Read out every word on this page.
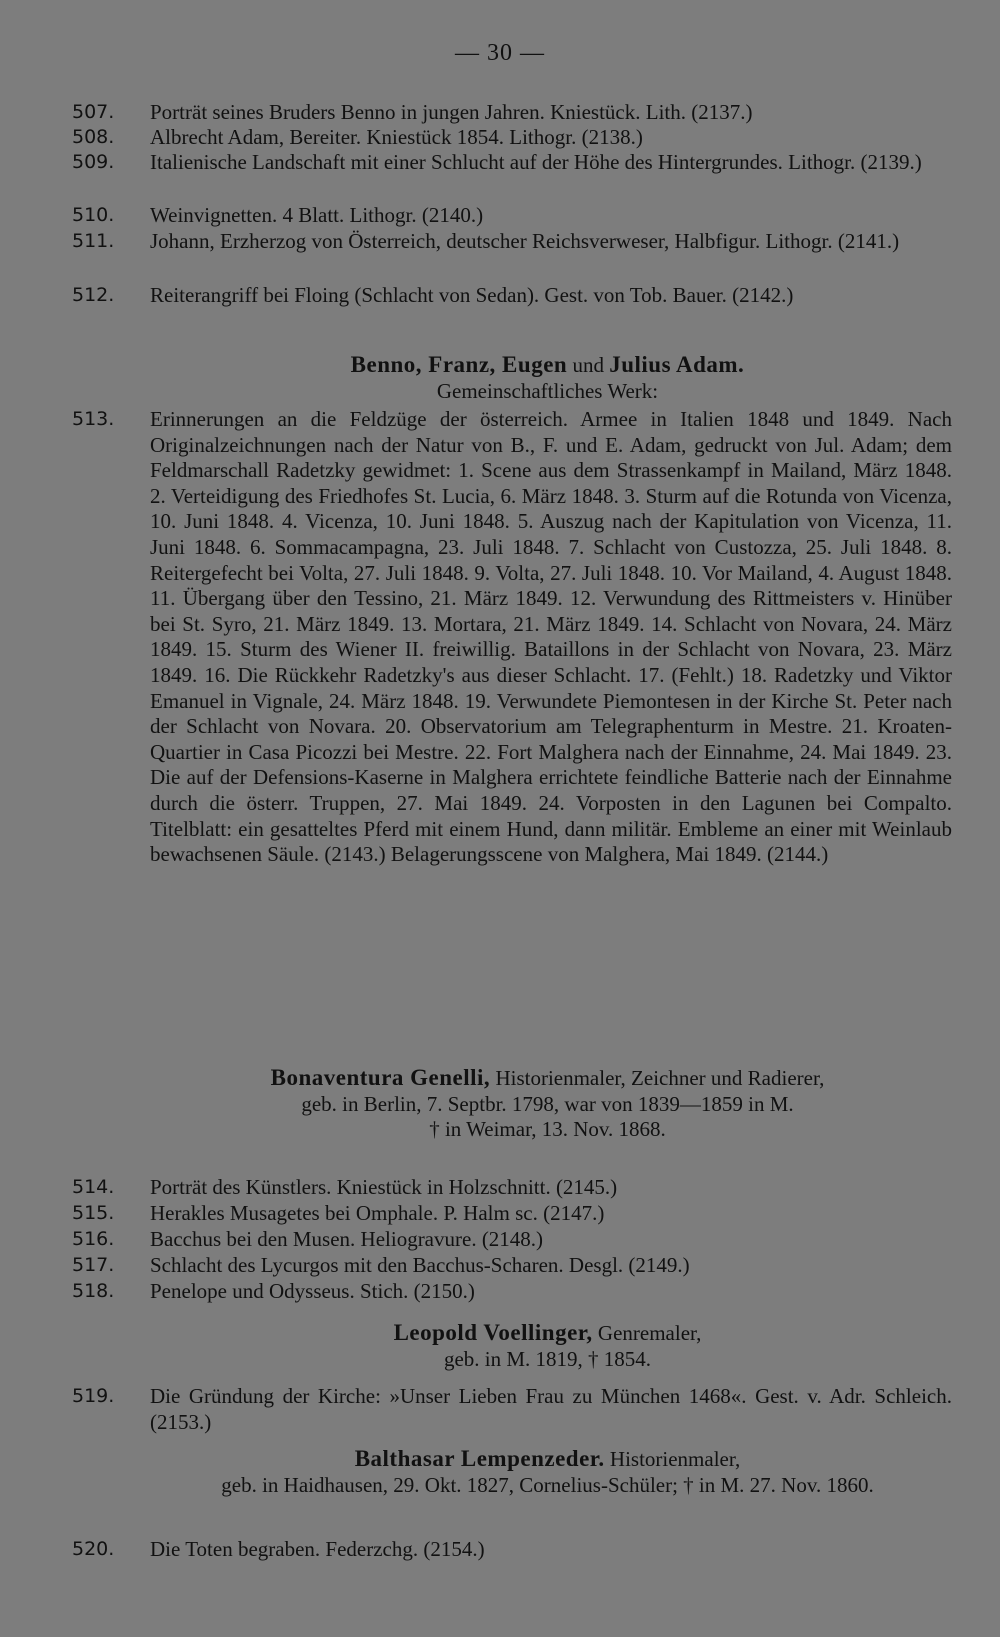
— 30 —
507.	Porträt seines Bruders Benno in jungen Jahren. Kniestück. Lith. (2137.)
508.	Albrecht Adam, Bereiter. Kniestück 1854. Lithogr. (2138.)
509.	Italienische Landschaft mit einer Schlucht auf der Höhe des Hintergrundes. Lithogr. (2139.)
510.	Weinvignetten. 4 Blatt. Lithogr. (2140.)
511.	Johann, Erzherzog von Österreich, deutscher Reichsverweser, Halbfigur. Lithogr. (2141.)
512.	Reiterangriff bei Floing (Schlacht von Sedan). Gest. von Tob. Bauer. (2142.)
Benno, Franz, Eugen und Julius Adam.
Gemeinschaftliches Werk:
513.	Erinnerungen an die Feldzüge der österreich. Armee in Italien 1848 und 1849. Nach Originalzeichnungen nach der Natur von B., F. und E. Adam, gedruckt von Jul. Adam; dem Feldmarschall Radetzky gewidmet: 1. Scene aus dem Strassenkampf in Mailand, März 1848. 2. Verteidigung des Friedhofes St. Lucia, 6. März 1848. 3. Sturm auf die Rotunda von Vicenza, 10. Juni 1848. 4. Vicenza, 10. Juni 1848. 5. Auszug nach der Kapitulation von Vicenza, 11. Juni 1848. 6. Sommacampagna, 23. Juli 1848. 7. Schlacht von Custozza, 25. Juli 1848. 8. Reitergefecht bei Volta, 27. Juli 1848. 9. Volta, 27. Juli 1848. 10. Vor Mailand, 4. August 1848. 11. Übergang über den Tessino, 21. März 1849. 12. Verwundung des Rittmeisters v. Hinüber bei St. Syro, 21. März 1849. 13. Mortara, 21. März 1849. 14. Schlacht von Novara, 24. März 1849. 15. Sturm des Wiener II. freiwillig. Bataillons in der Schlacht von Novara, 23. März 1849. 16. Die Rückkehr Radetzky's aus dieser Schlacht. 17. (Fehlt.) 18. Radetzky und Viktor Emanuel in Vignale, 24. März 1848. 19. Verwundete Piemontesen in der Kirche St. Peter nach der Schlacht von Novara. 20. Observatorium am Telegraphenturm in Mestre. 21. Kroaten-Quartier in Casa Picozzi bei Mestre. 22. Fort Malghera nach der Einnahme, 24. Mai 1849. 23. Die auf der Defensions-Kaserne in Malghera errichtete feindliche Batterie nach der Einnahme durch die österr. Truppen, 27. Mai 1849. 24. Vorposten in den Lagunen bei Compalto. Titelblatt: ein gesatteltes Pferd mit einem Hund, dann militär. Embleme an einer mit Weinlaub bewachsenen Säule. (2143.) Belagerungsscene von Malghera, Mai 1849. (2144.)
Bonaventura Genelli, Historienmaler, Zeichner und Radierer,
geb. in Berlin, 7. Septbr. 1798, war von 1839—1859 in M.
† in Weimar, 13. Nov. 1868.
514.	Porträt des Künstlers. Kniestück in Holzschnitt. (2145.)
515.	Herakles Musagetes bei Omphale. P. Halm sc. (2147.)
516.	Bacchus bei den Musen. Heliogravure. (2148.)
517.	Schlacht des Lycurgos mit den Bacchus-Scharen. Desgl. (2149.)
518.	Penelope und Odysseus. Stich. (2150.)
Leopold Voellinger, Genremaler,
geb. in M. 1819, † 1854.
519.	Die Gründung der Kirche: »Unser Lieben Frau zu München 1468«. Gest. v. Adr. Schleich. (2153.)
Balthasar Lempenzeder. Historienmaler,
geb. in Haidhausen, 29. Okt. 1827, Cornelius-Schüler; † in M. 27. Nov. 1860.
520.	Die Toten begraben. Federzchg. (2154.)
